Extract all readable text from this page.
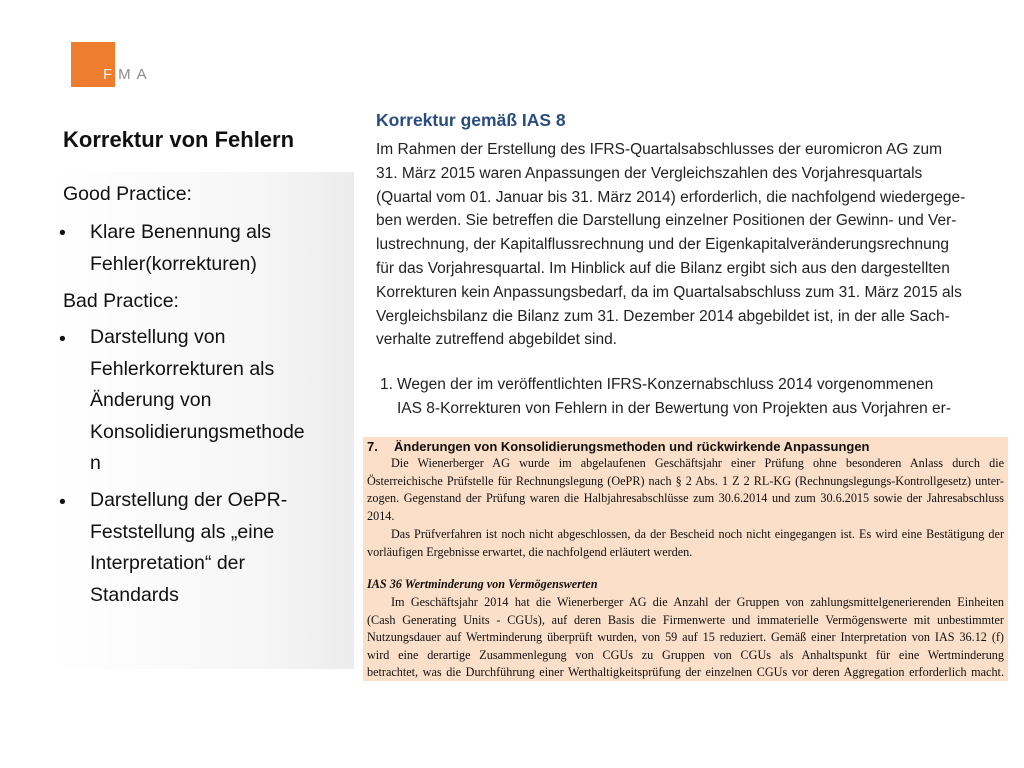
FMA
Korrektur von Fehlern
Good Practice:
• Klare Benennung als
Fehler(korrekturen)
Bad Practice:
• Darstellung von
Fehlerkorrekturen als
Änderung von
Konsolidierungsmethode
n
• Darstellung der OePR-
Feststellung als „eine
Interpretation“ der
Standards
Korrektur gemäß IAS 8
Im Rahmen der Erstellung des IFRS-Quartalsabschlusses der euromicron AG zum
31. März 2015 waren Anpassungen der Vergleichszahlen des Vorjahresquartals
(Quartal vom 01. Januar bis 31. März 2014) erforderlich, die nachfolgend wiedergege-
ben werden. Sie betreffen die Darstellung einzelner Positionen der Gewinn- und Ver-
lustrechnung, der Kapitalflussrechnung und der Eigenkapitalveränderungsrechnung
für das Vorjahresquartal. Im Hinblick auf die Bilanz ergibt sich aus den dargestellten
Korrekturen kein Anpassungsbedarf, da im Quartalsabschluss zum 31. März 2015 als
Vergleichsbilanz die Bilanz zum 31. Dezember 2014 abgebildet ist, in der alle Sach-
verhalte zutreffend abgebildet sind.
1. Wegen der im veröffentlichten IFRS-Konzernabschluss 2014 vorgenommenen
IAS 8-Korrekturen von Fehlern in der Bewertung von Projekten aus Vorjahren er-
7. Änderungen von Konsolidierungsmethoden und rückwirkende Anpassungen
Die Wienerberger AG wurde im abgelaufenen Geschäftsjahr einer Prüfung ohne besonderen Anlass durch die
Österreichische Prüfstelle für Rechnungslegung (OePR) nach § 2 Abs. 1 Z 2 RL-KG (Rechnungslegungs-Kontrollgesetz) unter-
zogen. Gegenstand der Prüfung waren die Halbjahresabschlüsse zum 30.6.2014 und zum 30.6.2015 sowie der Jahresabschluss
2014.
Das Prüfverfahren ist noch nicht abgeschlossen, da der Bescheid noch nicht eingegangen ist. Es wird eine Bestätigung der
vorläufigen Ergebnisse erwartet, die nachfolgend erläutert werden.
IAS 36 Wertminderung von Vermögenswerten
Im Geschäftsjahr 2014 hat die Wienerberger AG die Anzahl der Gruppen von zahlungsmittelgenerierenden Einheiten
(Cash Generating Units - CGUs), auf deren Basis die Firmenwerte und immaterielle Vermögenswerte mit unbestimmter
Nutzungsdauer auf Wertminderung überprüft wurden, von 59 auf 15 reduziert. Gemäß einer Interpretation von IAS 36.12 (f)
wird eine derartige Zusammenlegung von CGUs zu Gruppen von CGUs als Anhaltspunkt für eine Wertminderung
betrachtet, was die Durchführung einer Werthaltigkeitsprüfung der einzelnen CGUs vor deren Aggregation erforderlich macht.
